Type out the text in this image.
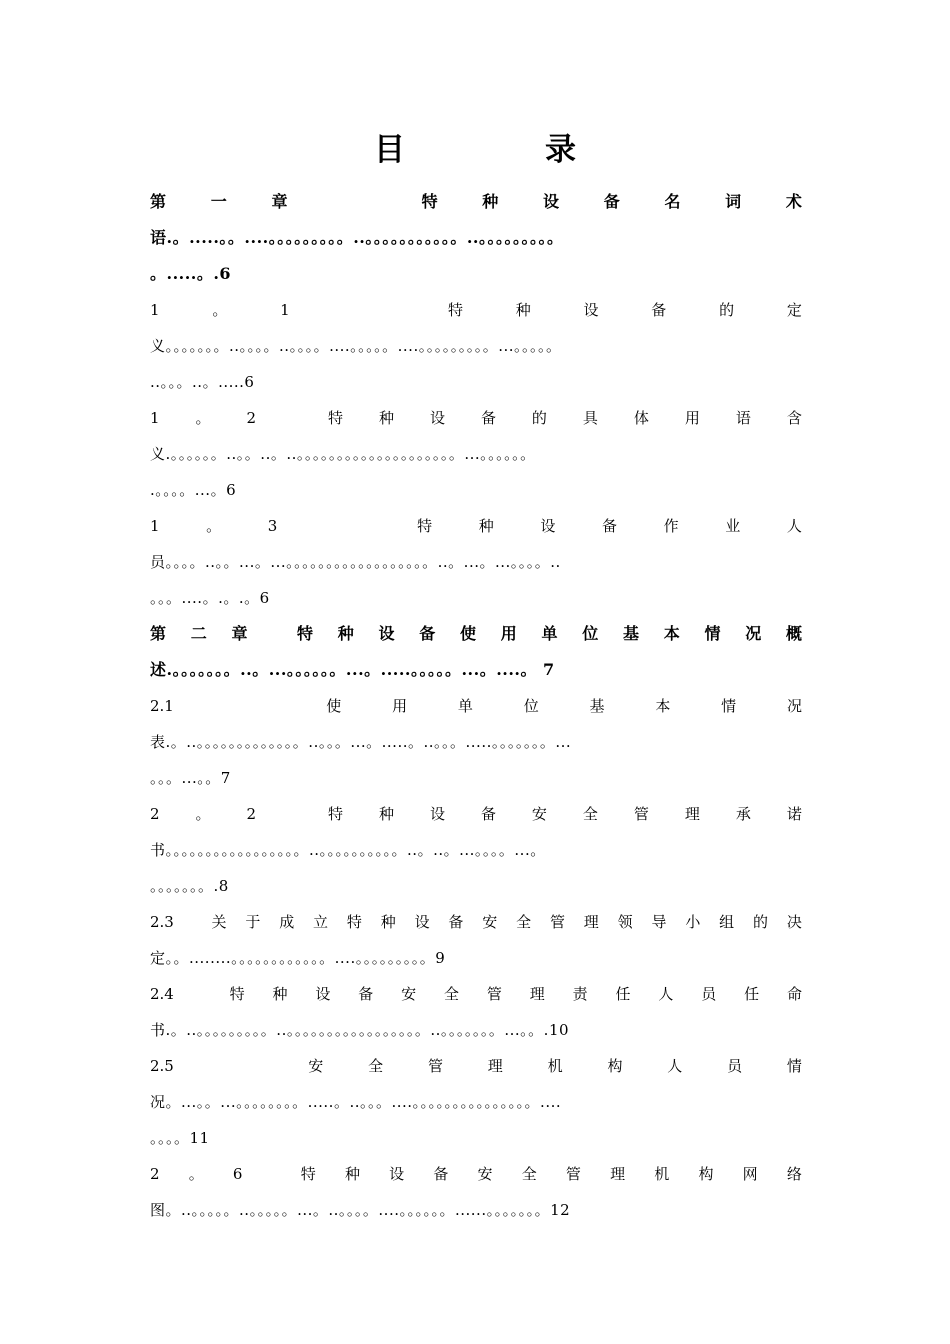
目	录
第	一	章	特	种	设	备	名	词	术
语.。.....。。....。。。。。。。。。..。。。。。。。。。。。..。。。。。。。。。
。.....。.6
1	。	1	特	种	设	备	的	定
义。。。。。。。..。。。。..。。。。....。。。。。....。。。。。。。。。...。。。。。
..。。。..。.....6
1 。 2	特 种 设 备 的 具 体 用 语 含
义.。。。。。。..。。..。..。。。。。。。。。。。。。。。。。。。。...。。。。。。
.。。。。...。6
1	。	3	特	种	设	备	作	业	人
员。。。。..。。...。...。。。。。。。。。。。。。。。。。。..。...。...。。。。..
。。。....。.。.。6
第 二 章	特 种 设 备 使 用 单 位 基 本 情 况 概
述.。。。。。。。..。...。。。。。。...。.....。。。。。...。....。 7
2.1	使	用	单	位	基	本	情	况
表.。..。。。。。。。。。。。。。..。。。...。.....。..。。。.....。。。。。。。...
。。。...。。7
2 。 2	特 种 设 备 安 全 管 理 承 诺
书。。。。。。。。。。。。。。。。。..。。。。。。。。。。..。..。...。。。。...。
。。。。。。。.8
2.3	关 于 成 立 特 种 设 备 安 全 管 理 领 导 小 组 的 决
定。。........。。。。。。。。。。。。....。。。。。。。。。9
2.4	特 种 设 备 安 全 管 理 责 任 人 员 任 命
书.。..。。。。。。。。。..。。。。。。。。。。。。。。。。。..。。。。。。。...。。.10
2.5	安	全	管	理	机	构	人	员	情
况。...。。...。。。。。。。。.....。..。。。....。。。。。。。。。。。。。。。....
。。。。11
2 。 6	特 种 设 备 安 全 管 理 机 构 网 络
图。..。。。。。..。。。。。...。..。。。。....。。。。。。......。。。。。。。12
